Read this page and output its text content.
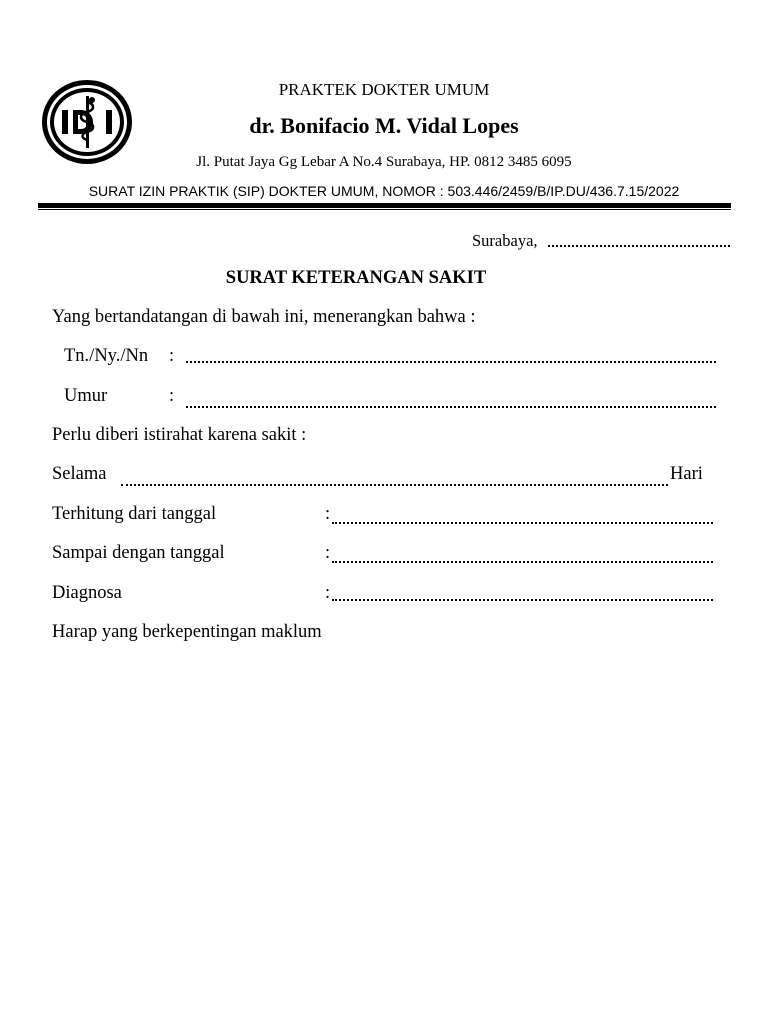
IDI
PRAKTEK DOKTER UMUM
dr. Bonifacio M. Vidal Lopes
Jl. Putat Jaya Gg Lebar A No.4 Surabaya, HP. 0812 3485 6095
SURAT IZIN PRAKTIK (SIP) DOKTER UMUM, NOMOR : 503.446/2459/B/IP.DU/436.7.15/2022
Surabaya,
SURAT KETERANGAN SAKIT
Yang bertandatangan di bawah ini, menerangkan bahwa :
Tn./Ny./Nn :
Umur	:
Perlu diberi istirahat karena sakit :
Selama	Hari
Terhitung dari tanggal	:
Sampai dengan tanggal	:
Diagnosa	:
Harap yang berkepentingan maklum
